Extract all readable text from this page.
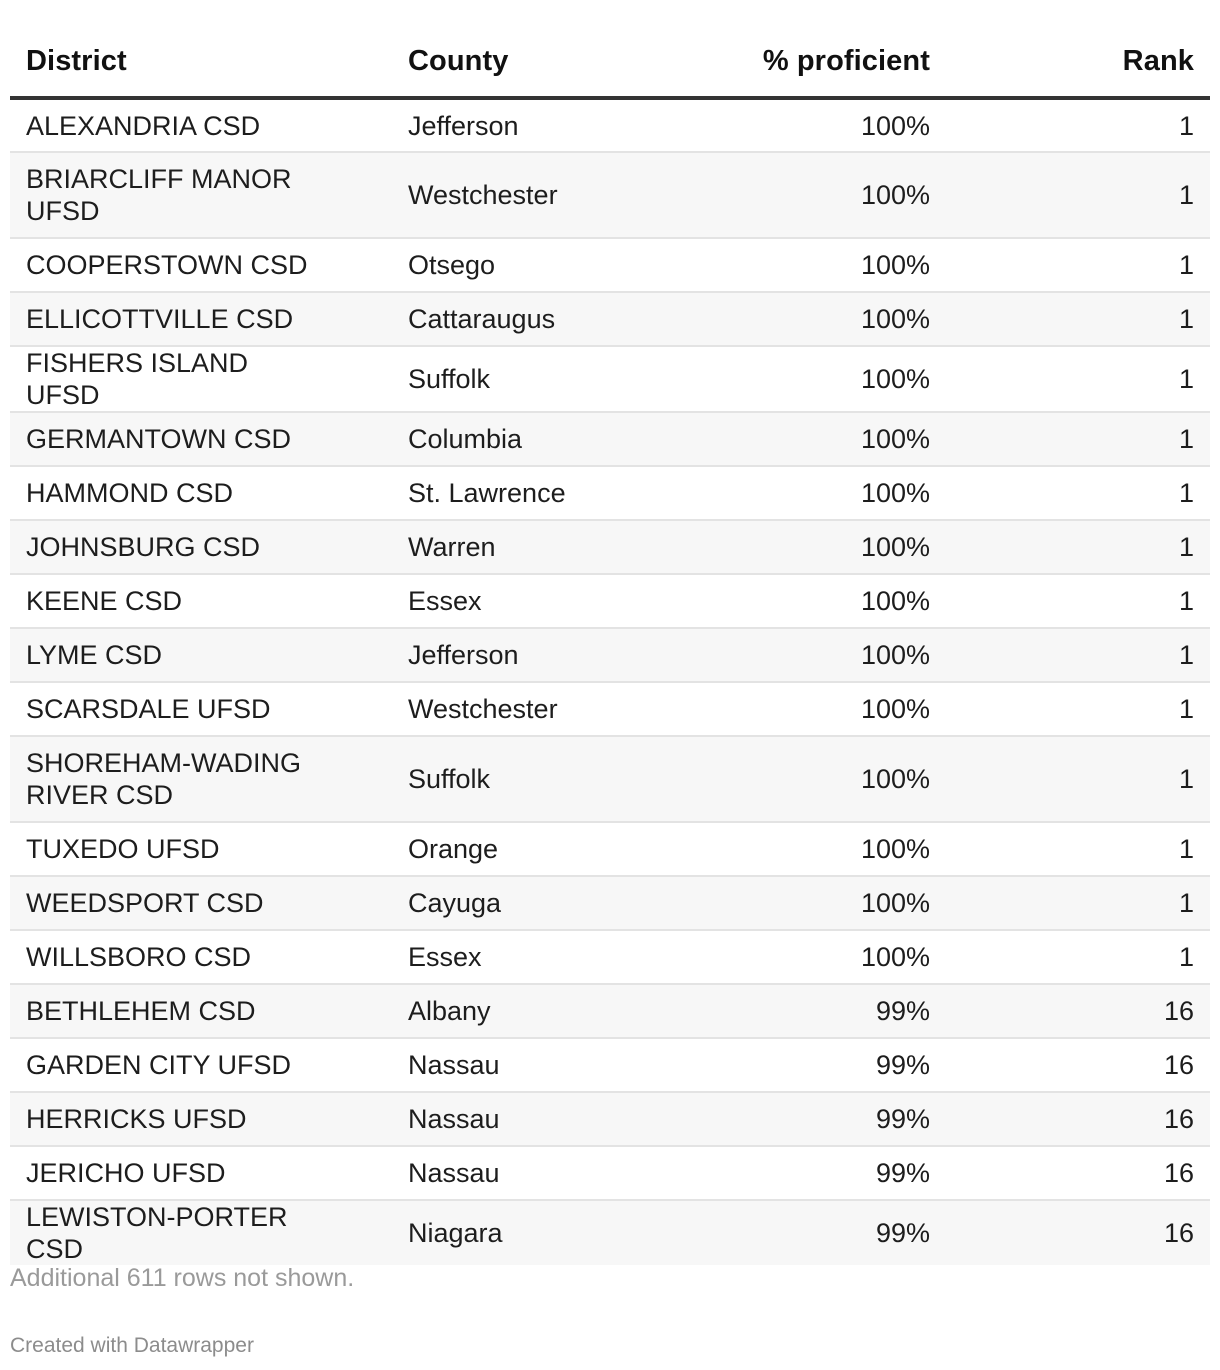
District	County	% proficient	Rank

ALEXANDRIA CSD	Jefferson	100%	1

BRIARCLIFF MANOR UFSD	Westchester	100%	1

COOPERSTOWN CSD	Otsego	100%	1

ELLICOTTVILLE CSD	Cattaraugus	100%	1

FISHERS ISLAND UFSD	Suffolk	100%	1

GERMANTOWN CSD	Columbia	100%	1

HAMMOND CSD	St. Lawrence	100%	1

JOHNSBURG CSD	Warren	100%	1

KEENE CSD	Essex	100%	1

LYME CSD	Jefferson	100%	1

SCARSDALE UFSD	Westchester	100%	1

SHOREHAM-WADING RIVER CSD	Suffolk	100%	1

TUXEDO UFSD	Orange	100%	1

WEEDSPORT CSD	Cayuga	100%	1

WILLSBORO CSD	Essex	100%	1

BETHLEHEM CSD	Albany	99%	16

GARDEN CITY UFSD	Nassau	99%	16

HERRICKS UFSD	Nassau	99%	16

JERICHO UFSD	Nassau	99%	16

LEWISTON-PORTER CSD	Niagara	99%	16
Additional 611 rows not shown.
Created with Datawrapper
